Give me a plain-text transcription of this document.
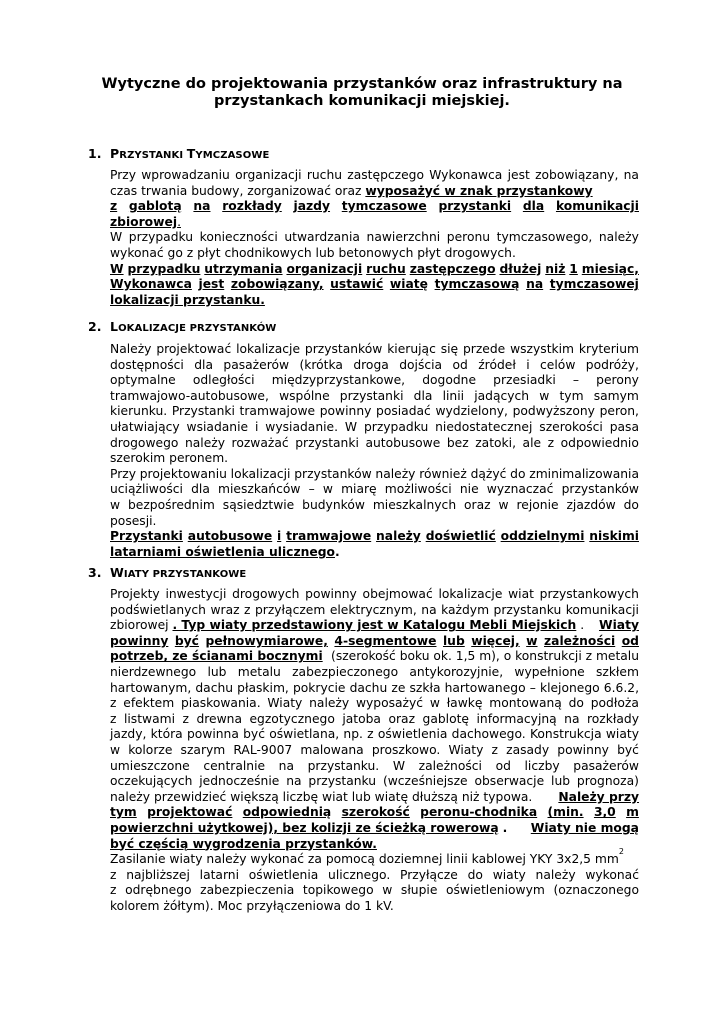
Wytyczne do projektowania przystanków oraz infrastruktury na
przystankach komunikacji miejskiej.
1. PRZYSTANKI TYMCZASOWE
Przy wprowadzaniu organizacji ruchu zastępczego Wykonawca jest zobowiązany, na
czas trwania budowy, zorganizować oraz wyposażyć w znak przystankowy
z gablotą na rozkłady jazdy tymczasowe przystanki dla komunikacji
zbiorowej .
W przypadku konieczności utwardzania nawierzchni peronu tymczasowego, należy
wykonać go z płyt chodnikowych lub betonowych płyt drogowych.
W przypadku utrzymania organizacji ruchu zastępczego dłużej niż 1 miesiąc,
Wykonawca jest zobowiązany, ustawić wiatę tymczasową na tymczasowej
lokalizacji przystanku.
2. LOKALIZACJE PRZYSTANKÓW
Należy projektować lokalizacje przystanków kierując się przede wszystkim kryterium
dostępności dla pasażerów (krótka droga dojścia od źródeł i celów podróży,
optymalne odległości międzyprzystankowe, dogodne przesiadki – perony
tramwajowo-autobusowe, wspólne przystanki dla linii jadących w tym samym
kierunku. Przystanki tramwajowe powinny posiadać wydzielony, podwyższony peron,
ułatwiający wsiadanie i wysiadanie. W przypadku niedostatecznej szerokości pasa
drogowego należy rozważać przystanki autobusowe bez zatoki, ale z odpowiednio
szerokim peronem.
Przy projektowaniu lokalizacji przystanków należy również dążyć do zminimalizowania
uciążliwości dla mieszkańców – w miarę możliwości nie wyznaczać przystanków
w bezpośrednim sąsiedztwie budynków mieszkalnych oraz w rejonie zjazdów do
posesji.
Przystanki autobusowe i tramwajowe należy doświetlić oddzielnymi niskimi
latarniami oświetlenia ulicznego .
3. WIATY PRZYSTANKOWE
Projekty inwestycji drogowych powinny obejmować lokalizacje wiat przystankowych
podświetlanych wraz z przyłączem elektrycznym, na każdym przystanku komunikacji
zbiorowej . Typ wiaty przedstawiony jest w Katalogu Mebli Miejskich . Wiaty
powinny być pełnowymiarowe, 4-segmentowe lub więcej, w zależności od
potrzeb, ze ścianami bocznymi (szerokość boku ok. 1,5 m), o konstrukcji z metalu
nierdzewnego lub metalu zabezpieczonego antykorozyjnie, wypełnione szkłem
hartowanym, dachu płaskim, pokrycie dachu ze szkła hartowanego – klejonego 6.6.2,
z efektem piaskowania. Wiaty należy wyposażyć w ławkę montowaną do podłoża
z listwami z drewna egzotycznego jatoba oraz gablotę informacyjną na rozkłady
jazdy, która powinna być oświetlana, np. z oświetlenia dachowego. Konstrukcja wiaty
w kolorze szarym RAL-9007 malowana proszkowo. Wiaty z zasady powinny być
umieszczone centralnie na przystanku. W zależności od liczby pasażerów
oczekujących jednocześnie na przystanku (wcześniejsze obserwacje lub prognoza)
należy przewidzieć większą liczbę wiat lub wiatę dłuższą niż typowa. Należy przy
tym projektować odpowiednią szerokość peronu-chodnika (min. 3,0 m
powierzchni użytkowej), bez kolizji ze ścieżką rowerową . Wiaty nie mogą
być częścią wygrodzenia przystanków.
Zasilanie wiaty należy wykonać za pomocą doziemnej linii kablowej YKY 3x2,5 mm
2
z najbliższej latarni oświetlenia ulicznego. Przyłącze do wiaty należy wykonać
z odrębnego zabezpieczenia topikowego w słupie oświetleniowym (oznaczonego
kolorem żółtym). Moc przyłączeniowa do 1 kV.
